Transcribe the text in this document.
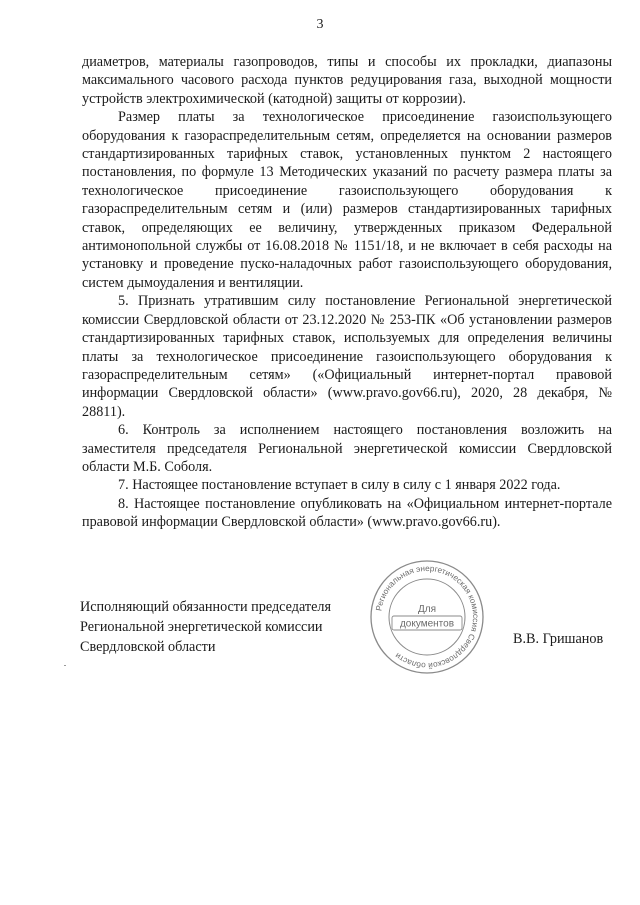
3

диаметров, материалы газопроводов, типы и способы их прокладки, диапазоны максимального часового расхода пунктов редуцирования газа, выходной мощности устройств электрохимической (катодной) защиты от коррозии).

Размер платы за технологическое присоединение газоиспользующего оборудования к газораспределительным сетям, определяется на основании размеров стандартизированных тарифных ставок, установленных пунктом 2 настоящего постановления, по формуле 13 Методических указаний по расчету размера платы за технологическое присоединение газоиспользующего оборудования к газораспределительным сетям и (или) размеров стандартизированных тарифных ставок, определяющих ее величину, утвержденных приказом Федеральной антимонопольной службы от 16.08.2018 № 1151/18, и не включает в себя расходы на установку и проведение пуско-наладочных работ газоиспользующего оборудования, систем дымоудаления и вентиляции.

5. Признать утратившим силу постановление Региональной энергетической комиссии Свердловской области от 23.12.2020 № 253-ПК «Об установлении размеров стандартизированных тарифных ставок, используемых для определения величины платы за технологическое присоединение газоиспользующего оборудования к газораспределительным сетям» («Официальный интернет-портал правовой информации Свердловской области» (www.pravo.gov66.ru), 2020, 28 декабря, № 28811).

6. Контроль за исполнением настоящего постановления возложить на заместителя председателя Региональной энергетической комиссии Свердловской области М.Б. Соболя.

7. Настоящее постановление вступает в силу в силу с 1 января 2022 года.

8. Настоящее постановление опубликовать на «Официальном интернет-портале правовой информации Свердловской области» (www.pravo.gov66.ru).

Исполняющий обязанности председателя
Региональной энергетической комиссии
Свердловской области	В.В. Гришанов
Региональная энергетическая комиссия Свердловской области
Для
документов
